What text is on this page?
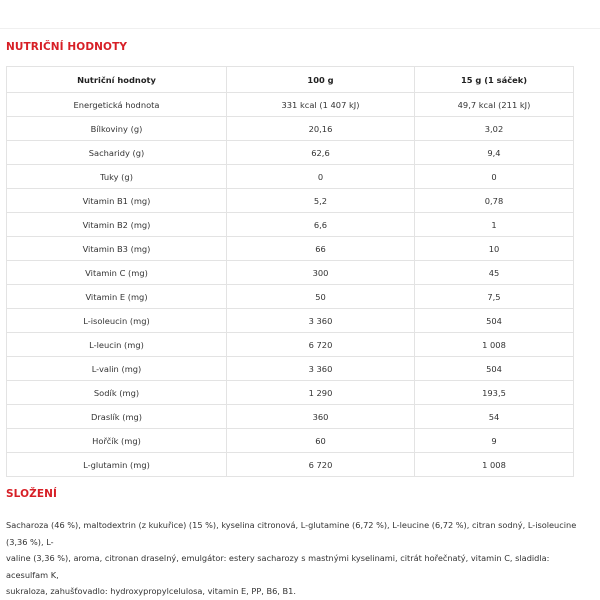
NUTRIČNÍ HODNOTY
Nutriční hodnoty	100 g	15 g (1 sáček)
Energetická hodnota	331 kcal (1 407 kJ)	49,7 kcal (211 kJ)
Bílkoviny (g)	20,16	3,02
Sacharidy (g)	62,6	9,4
Tuky (g)	0	0
Vitamin B1 (mg)	5,2	0,78
Vitamin B2 (mg)	6,6	1
Vitamin B3 (mg)	66	10
Vitamin C (mg)	300	45
Vitamin E (mg)	50	7,5
L-isoleucin (mg)	3 360	504
L-leucin (mg)	6 720	1 008
L-valin (mg)	3 360	504
Sodík (mg)	1 290	193,5
Draslík (mg)	360	54
Hořčík (mg)	60	9
L-glutamin (mg)	6 720	1 008
SLOŽENÍ
Sacharoza (46 %), maltodextrin (z kukuřice) (15 %), kyselina citronová, L-glutamine (6,72 %), L-leucine (6,72 %), citran sodný, L-isoleucine (3,36 %), L-
valine (3,36 %), aroma, citronan draselný, emulgátor: estery sacharozy s mastnými kyselinami, citrát hořečnatý, vitamin C, sladidla: acesulfam K,
sukraloza, zahušťovadlo: hydroxypropylcelulosa, vitamin E, PP, B6, B1.
